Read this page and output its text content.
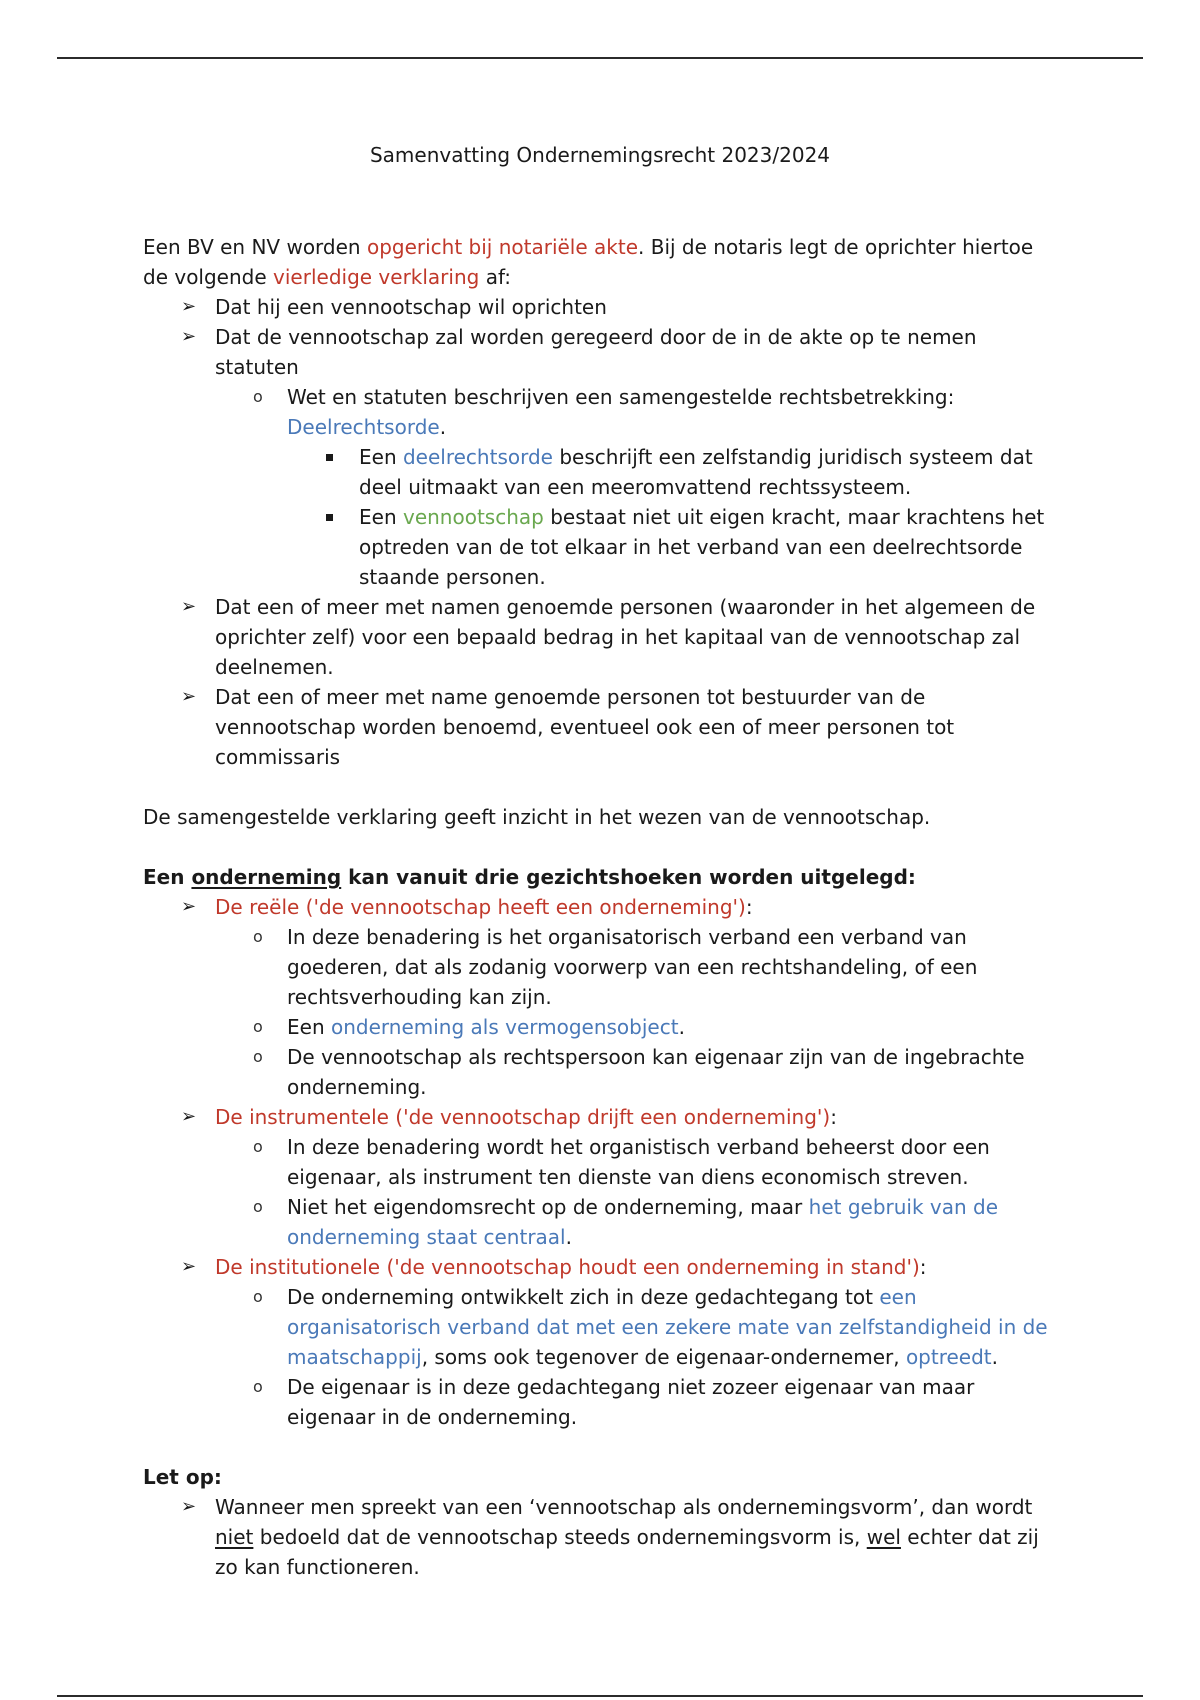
Samenvatting Ondernemingsrecht 2023/2024

Een BV en NV worden opgericht bij notariële akte. Bij de notaris legt de oprichter hiertoe de volgende vierledige verklaring af:

➢ Dat hij een vennootschap wil oprichten
➢ Dat de vennootschap zal worden geregeerd door de in de akte op te nemen statuten
o Wet en statuten beschrijven een samengestelde rechtsbetrekking: Deelrechtsorde.
Een deelrechtsorde beschrijft een zelfstandig juridisch systeem dat deel uitmaakt van een meeromvattend rechtssysteem.
Een vennootschap bestaat niet uit eigen kracht, maar krachtens het optreden van de tot elkaar in het verband van een deelrechtsorde staande personen.
➢ Dat een of meer met namen genoemde personen (waaronder in het algemeen de oprichter zelf) voor een bepaald bedrag in het kapitaal van de vennootschap zal deelnemen.
➢ Dat een of meer met name genoemde personen tot bestuurder van de vennootschap worden benoemd, eventueel ook een of meer personen tot commissaris

De samengestelde verklaring geeft inzicht in het wezen van de vennootschap.

Een onderneming kan vanuit drie gezichtshoeken worden uitgelegd:

➢ De reële ('de vennootschap heeft een onderneming'):
o In deze benadering is het organisatorisch verband een verband van goederen, dat als zodanig voorwerp van een rechtshandeling, of een rechtsverhouding kan zijn.
o Een onderneming als vermogensobject.
o De vennootschap als rechtspersoon kan eigenaar zijn van de ingebrachte onderneming.
➢ De instrumentele ('de vennootschap drijft een onderneming'):
o In deze benadering wordt het organistisch verband beheerst door een eigenaar, als instrument ten dienste van diens economisch streven.
o Niet het eigendomsrecht op de onderneming, maar het gebruik van de onderneming staat centraal.
➢ De institutionele ('de vennootschap houdt een onderneming in stand'):
o De onderneming ontwikkelt zich in deze gedachtegang tot een organisatorisch verband dat met een zekere mate van zelfstandigheid in de maatschappij, soms ook tegenover de eigenaar-ondernemer, optreedt.
o De eigenaar is in deze gedachtegang niet zozeer eigenaar van maar eigenaar in de onderneming.

Let op:

➢ Wanneer men spreekt van een ‘vennootschap als ondernemingsvorm’, dan wordt niet bedoeld dat de vennootschap steeds ondernemingsvorm is, wel echter dat zij zo kan functioneren.
